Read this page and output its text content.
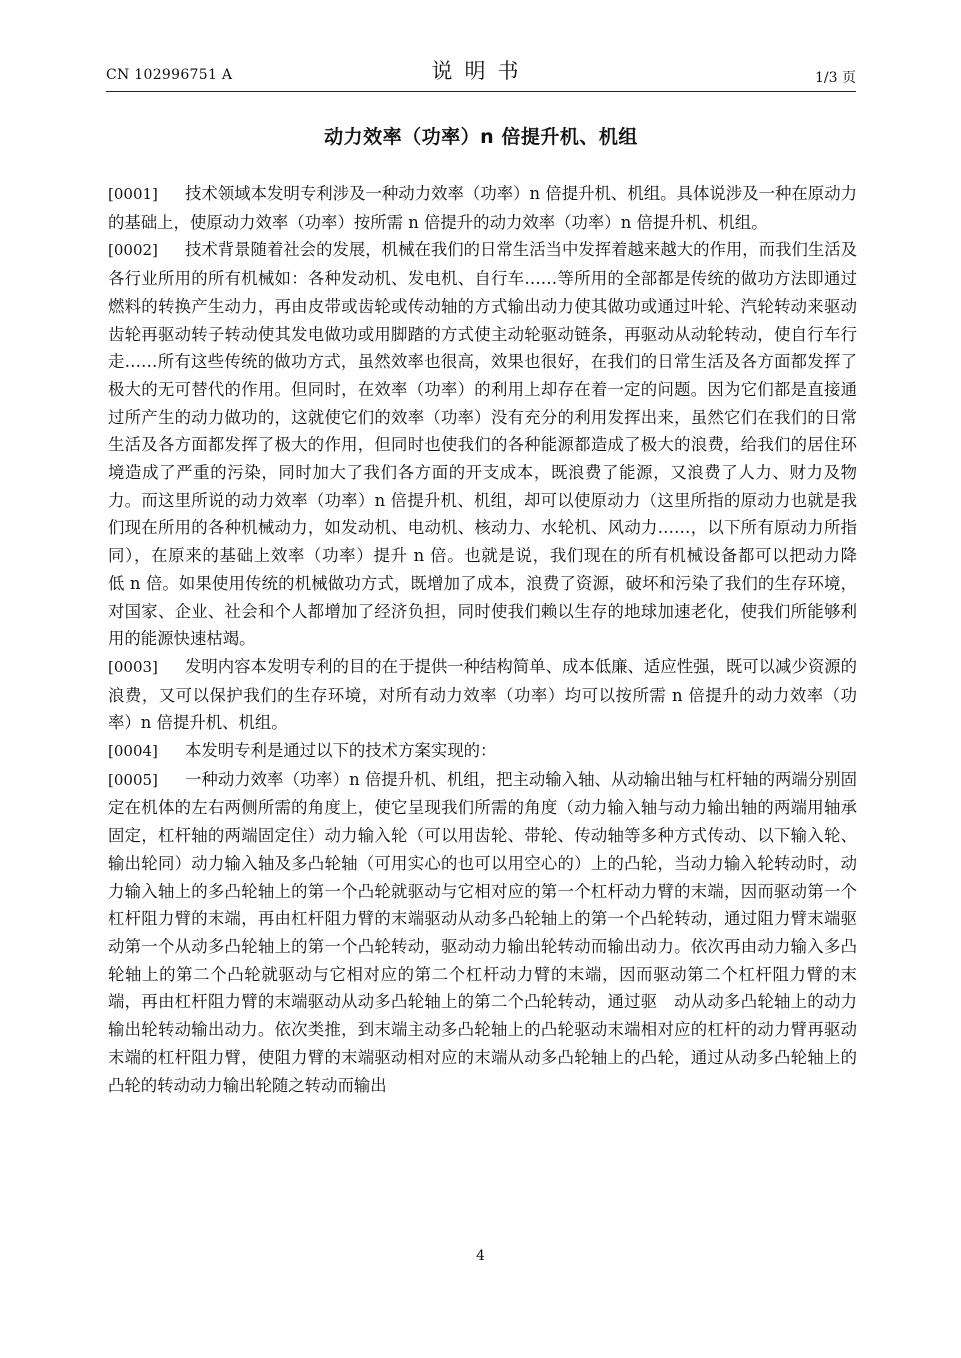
CN 102996751 A	说明书	1/3 页
动力效率（功率）n 倍提升机、机组

[0001] 技术领域本发明专利涉及一种动力效率（功率）n 倍提升机、机组。具体说涉及一种在原动力的基础上，使原动力效率（功率）按所需 n 倍提升的动力效率（功率）n 倍提升机、机组。

[0002] 技术背景随着社会的发展，机械在我们的日常生活当中发挥着越来越大的作用，而我们生活及各行业所用的所有机械如：各种发动机、发电机、自行车……等所用的全部都是传统的做功方法即通过燃料的转换产生动力，再由皮带或齿轮或传动轴的方式输出动力使其做功或通过叶轮、汽轮转动来驱动齿轮再驱动转子转动使其发电做功或用脚踏的方式使主动轮驱动链条，再驱动从动轮转动，使自行车行走……所有这些传统的做功方式，虽然效率也很高，效果也很好，在我们的日常生活及各方面都发挥了极大的无可替代的作用。但同时，在效率（功率）的利用上却存在着一定的问题。因为它们都是直接通过所产生的动力做功的，这就使它们的效率（功率）没有充分的利用发挥出来，虽然它们在我们的日常生活及各方面都发挥了极大的作用，但同时也使我们的各种能源都造成了极大的浪费，给我们的居住环境造成了严重的污染，同时加大了我们各方面的开支成本，既浪费了能源，又浪费了人力、财力及物力。而这里所说的动力效率（功率）n 倍提升机、机组，却可以使原动力（这里所指的原动力也就是我们现在所用的各种机械动力，如发动机、电动机、核动力、水轮机、风动力……，以下所有原动力所指同），在原来的基础上效率（功率）提升 n 倍。也就是说，我们现在的所有机械设备都可以把动力降　低 n 倍。如果使用传统的机械做功方式，既增加了成本，浪费了资源，破坏和污染了我们的生存环境，对国家、企业、社会和个人都增加了经济负担，同时使我们赖以生存的地球加速老化，使我们所能够利用的能源快速枯竭。

[0003] 发明内容本发明专利的目的在于提供一种结构简单、成本低廉、适应性强，既可以减少资源的浪费，又可以保护我们的生存环境，对所有动力效率（功率）均可以按所需 n 倍提升的动力效率（功率）n 倍提升机、机组。

[0004] 本发明专利是通过以下的技术方案实现的：

[0005] 一种动力效率（功率）n 倍提升机、机组，把主动输入轴、从动输出轴与杠杆轴的两端分别固定在机体的左右两侧所需的角度上，使它呈现我们所需的角度（动力输入轴与动力输出轴的两端用轴承固定，杠杆轴的两端固定住）动力输入轮（可以用齿轮、带轮、传动轴等多种方式传动、以下输入轮、输出轮同）动力输入轴及多凸轮轴（可用实心的也可以用空心的）上的凸轮，当动力输入轮转动时，动力输入轴上的多凸轮轴上的第一个凸轮就驱动与它相对应的第一个杠杆动力臂的末端，因而驱动第一个杠杆阻力臂的末端，再由杠杆阻力臂的末端驱动从动多凸轮轴上的第一个凸轮转动，通过阻力臂末端驱动第一个从动多凸轮轴上的第一个凸轮转动，驱动动力输出轮转动而输出动力。依次再由动力输入多凸轮轴上的第二个凸轮就驱动与它相对应的第二个杠杆动力臂的末端，因而驱动第二个杠杆阻力臂的末端，再由杠杆阻力臂的末端驱动从动多凸轮轴上的第二个凸轮转动，通过驱　动从动多凸轮轴上的动力输出轮转动输出动力。依次类推，到末端主动多凸轮轴上的凸轮驱动末端相对应的杠杆的动力臂再驱动末端的杠杆阻力臂，使阻力臂的末端驱动相对应的末端从动多凸轮轴上的凸轮，通过从动多凸轮轴上的凸轮的转动动力输出轮随之转动而输出

4
